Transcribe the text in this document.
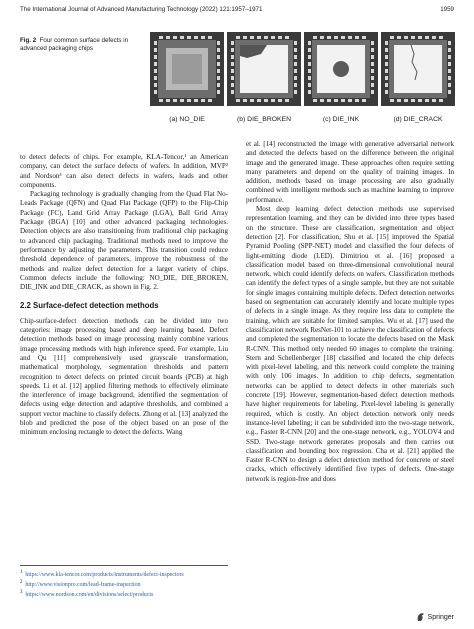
The International Journal of Advanced Manufacturing Technology (2022) 121:1957–1971	1959
Fig. 2 Four common surface defects in advanced packaging chips
(a) NO_DIE	(b) DIE_BROKEN	(c) DIE_INK	(d) DIE_CRACK

to detect defects of chips. For example, KLA-Tencor,¹ an American company, can detect the surface defects of wafers. In addition, MVP² and Nordson³ can also detect defects in wafers, leads and other components.

Packaging technology is gradually changing from the Quad Flat No-Leads Package (QFN) and Quad Flat Package (QFP) to the Flip-Chip Package (FC), Land Grid Array Package (LGA), Ball Grid Array Package (BGA) [10] and other advanced packaging technologies. Detection objects are also transitioning from traditional chip packaging to advanced chip packaging. Traditional methods need to improve the performance by adjusting the parameters. This transition could reduce threshold dependence of parameters, improve the robustness of the methods and realize defect detection for a larger variety of chips. Common defects include the following: NO_DIE, DIE_BROKEN, DIE_INK and DIE_CRACK, as shown in Fig. 2.

2.2 Surface-defect detection methods

Chip-surface-defect detection methods can be divided into two categories: image processing based and deep learning based. Defect detection methods based on image processing mainly combine various image processing methods with high inference speed. For example, Liu and Qu [11] comprehensively used grayscale transformation, mathematical morphology, segmentation thresholds and pattern recognition to detect defects on printed circuit boards (PCB) at high speeds. Li et al. [12] applied filtering methods to effectively eliminate the interference of image background, identified the segmentation of defects using edge detection and adaptive thresholds, and combined a support vector machine to classify defects. Zhong et al. [13] analyzed the blob and predicted the pose of the object based on an pose of the minimum enclosing rectangle to detect the defects. Wang

et al. [14] reconstructed the image with generative adversarial network and detected the defects based on the difference between the original image and the generated image. These approaches often require setting many parameters and depend on the quality of training images. In addition, methods based on image processing are also gradually combined with intelligent methods such as machine learning to improve performance.

Most deep learning defect detection methods use supervised representation learning, and they can be divided into three types based on the structure. These are classification, segmentation and object detection [2]. For classification, Shu et al. [15] improved the Spatial Pyramid Pooling (SPP-NET) model and classified the four defects of light-emitting diode (LED). Dimitriou et al. [16] proposed a classification model based on three-dimensional convolutional neural network, which could identify defects on wafers. Classification methods can identify the defect types of a single sample, but they are not suitable for single images containing multiple defects. Defect detection networks based on segmentation can accurately identify and locate multiple types of defects in a single image. As they require less data to complete the training, which are suitable for limited samples. Wu et al. [17] used the classification network ResNet-101 to achieve the classification of defects and completed the segmentation to locate the defects based on the Mask R-CNN. This method only needed 60 images to complete the training. Stern and Schellenberger [18] classified and located the chip defects with pixel-level labeling, and this network could complete the training with only 106 images. In addition to chip defects, segmentation networks can be applied to detect defects in other materials such concrete [19]. However, segmentation-based defect detection methods have higher requirements for labeling. Pixel-level labeling is generally required, which is costly. An object detection network only needs instance-level labeling; it can be subdivided into the two-stage network, e.g., Faster R-CNN [20] and the one-stage network, e.g., YOLOV4 and SSD. Two-stage network generates proposals and then carries out classification and bounding box regression. Cha et al. [21] applied the Faster R-CNN to design a defect detection method for concrete or steel cracks, which effectively identified five types of defects. One-stage network is region-free and does

$^1$ https://www.kla-tencor.com/products/instruments/defect-inspectors
$^2$ http://www.visionpro.com/lead-frame-inspection
$^3$ https://www.nordson.com/en/divisions/select/products
Springer
